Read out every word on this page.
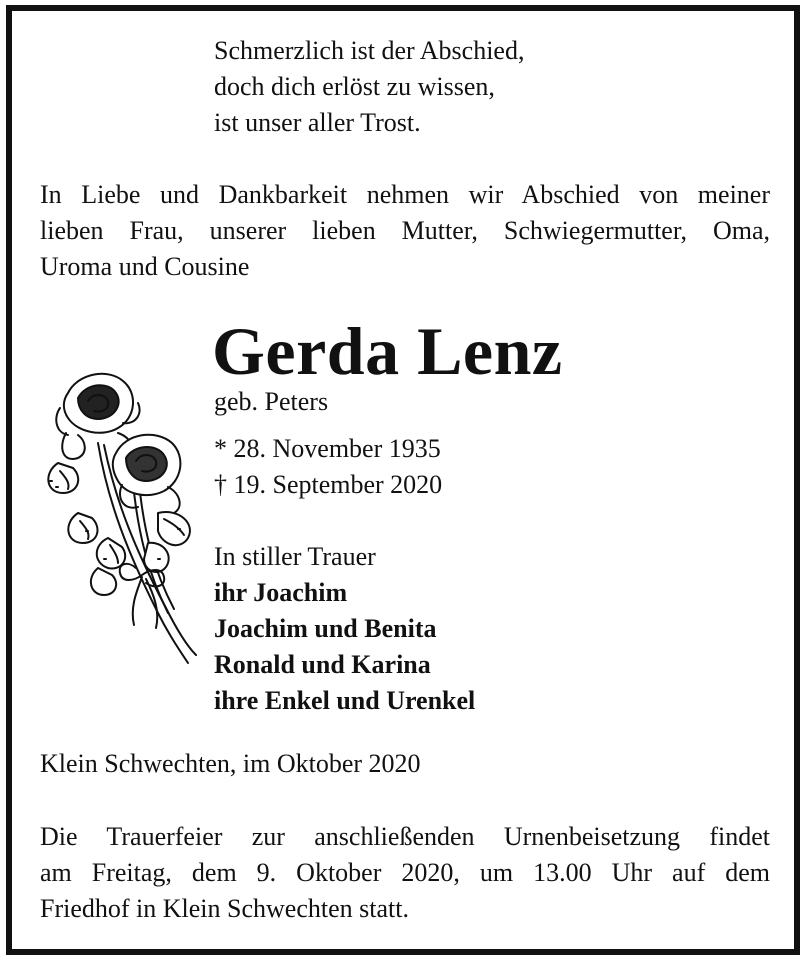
Schmerzlich ist der Abschied,
doch dich erlöst zu wissen,
ist unser aller Trost.
In Liebe und Dankbarkeit nehmen wir Abschied von meiner
lieben Frau, unserer lieben Mutter, Schwiegermutter, Oma,
Uroma und Cousine
Gerda Lenz
geb. Peters
* 28. November 1935
† 19. September 2020
In stiller Trauer
ihr Joachim
Joachim und Benita
Ronald und Karina
ihre Enkel und Urenkel
Klein Schwechten, im Oktober 2020
Die Trauerfeier zur anschließenden Urnenbeisetzung findet
am Freitag, dem 9. Oktober 2020, um 13.00 Uhr auf dem
Friedhof in Klein Schwechten statt.
